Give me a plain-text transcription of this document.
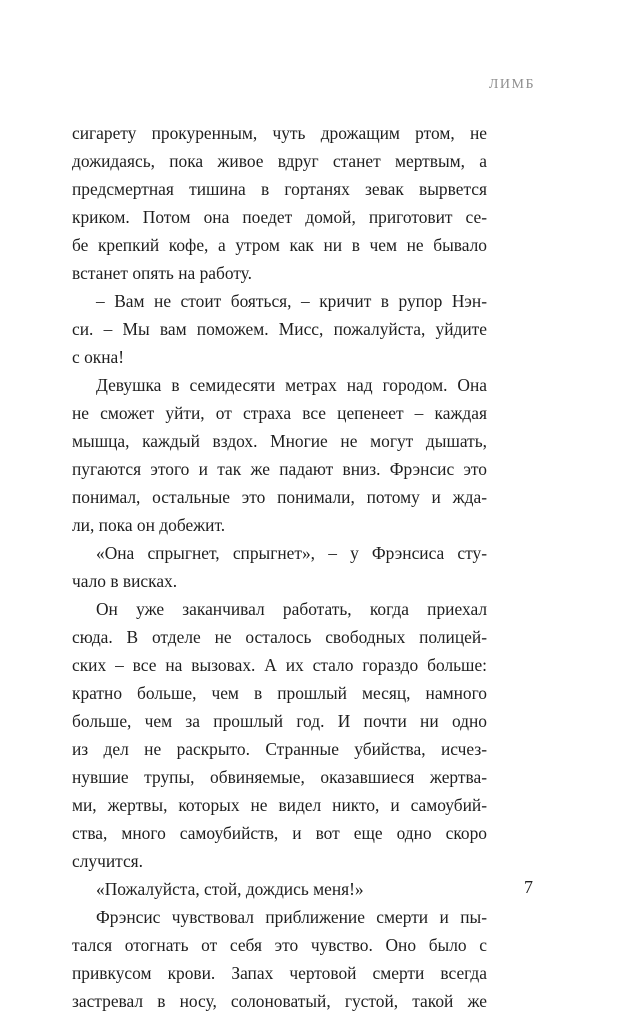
ЛИМБ
сигарету прокуренным, чуть дрожащим ртом, не
дожидаясь, пока живое вдруг станет мертвым, а
предсмертная тишина в гортанях зевак вырвется
криком. Потом она поедет домой, приготовит се-
бе крепкий кофе, а утром как ни в чем не бывало
встанет опять на работу.
– Вам не стоит бояться, – кричит в рупор Нэн-
си. – Мы вам поможем. Мисс, пожалуйста, уйдите
с окна!
Девушка в семидесяти метрах над городом. Она
не сможет уйти, от страха все цепенеет – каждая
мышца, каждый вздох. Многие не могут дышать,
пугаются этого и так же падают вниз. Фрэнсис это
понимал, остальные это понимали, потому и жда-
ли, пока он добежит.
«Она спрыгнет, спрыгнет», – у Фрэнсиса сту-
чало в висках.
Он уже заканчивал работать, когда приехал
сюда. В отделе не осталось свободных полицей-
ских – все на вызовах. А их стало гораздо больше:
кратно больше, чем в прошлый месяц, намного
больше, чем за прошлый год. И почти ни одно
из дел не раскрыто. Странные убийства, исчез-
нувшие трупы, обвиняемые, оказавшиеся жертва-
ми, жертвы, которых не видел никто, и самоубий-
ства, много самоубийств, и вот еще одно скоро
случится.
«Пожалуйста, стой, дождись меня!»
Фрэнсис чувствовал приближение смерти и пы-
тался отогнать от себя это чувство. Оно было с
привкусом крови. Запах чертовой смерти всегда
застревал в носу, солоноватый, густой, такой же
7
